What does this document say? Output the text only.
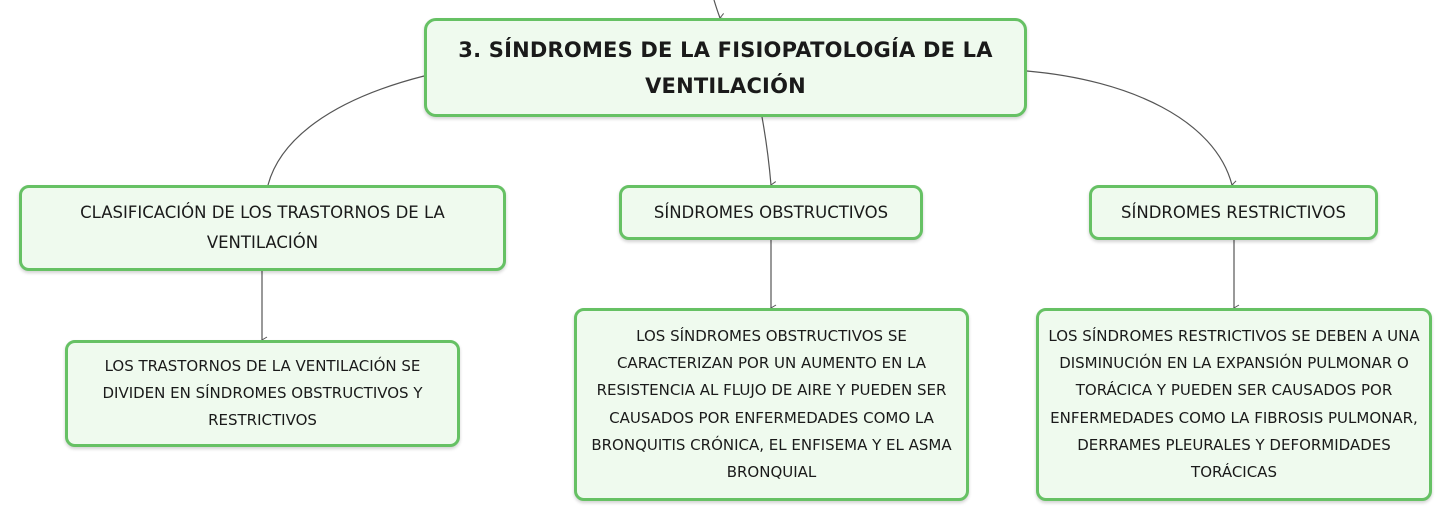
3. SÍNDROMES DE LA FISIOPATOLOGÍA DE LA VENTILACIÓN
CLASIFICACIÓN DE LOS TRASTORNOS DE LA VENTILACIÓN
SÍNDROMES OBSTRUCTIVOS	SÍNDROMES RESTRICTIVOS
LOS TRASTORNOS DE LA VENTILACIÓN SE DIVIDEN EN SÍNDROMES OBSTRUCTIVOS Y RESTRICTIVOS
LOS SÍNDROMES OBSTRUCTIVOS SE CARACTERIZAN POR UN AUMENTO EN LA RESISTENCIA AL FLUJO DE AIRE Y PUEDEN SER CAUSADOS POR ENFERMEDADES COMO LA BRONQUITIS CRÓNICA, EL ENFISEMA Y EL ASMA BRONQUIAL
LOS SÍNDROMES RESTRICTIVOS SE DEBEN A UNA DISMINUCIÓN EN LA EXPANSIÓN PULMONAR O TORÁCICA Y PUEDEN SER CAUSADOS POR ENFERMEDADES COMO LA FIBROSIS PULMONAR, DERRAMES PLEURALES Y DEFORMIDADES TORÁCICAS
